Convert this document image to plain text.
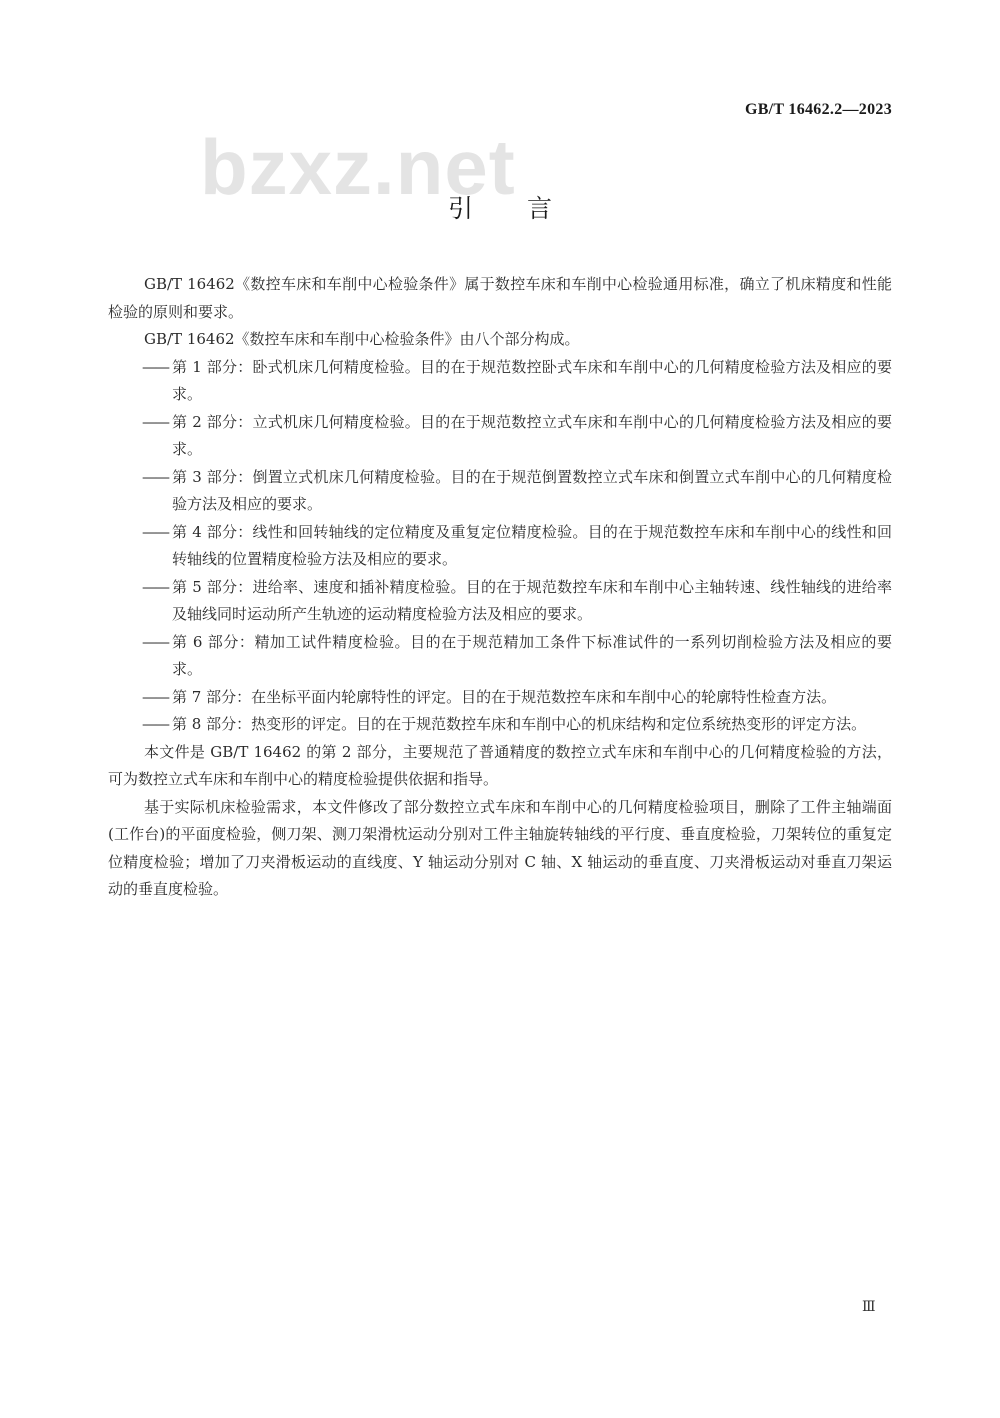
GB/T 16462.2—2023
bzxz.net
引言

GB/T 16462《数控车床和车削中心检验条件》属于数控车床和车削中心检验通用标准，确立了机床精度和性能检验的原则和要求。

GB/T 16462《数控车床和车削中心检验条件》由八个部分构成。

—— 第 1 部分：卧式机床几何精度检验。目的在于规范数控卧式车床和车削中心的几何精度检验方法及相应的要求。

—— 第 2 部分：立式机床几何精度检验。目的在于规范数控立式车床和车削中心的几何精度检验方法及相应的要求。

—— 第 3 部分：倒置立式机床几何精度检验。目的在于规范倒置数控立式车床和倒置立式车削中心的几何精度检验方法及相应的要求。

—— 第 4 部分：线性和回转轴线的定位精度及重复定位精度检验。目的在于规范数控车床和车削中心的线性和回转轴线的位置精度检验方法及相应的要求。

—— 第 5 部分：进给率、速度和插补精度检验。目的在于规范数控车床和车削中心主轴转速、线性轴线的进给率及轴线同时运动所产生轨迹的运动精度检验方法及相应的要求。

—— 第 6 部分：精加工试件精度检验。目的在于规范精加工条件下标准试件的一系列切削检验方法及相应的要求。

—— 第 7 部分：在坐标平面内轮廓特性的评定。目的在于规范数控车床和车削中心的轮廓特性检查方法。

—— 第 8 部分：热变形的评定。目的在于规范数控车床和车削中心的机床结构和定位系统热变形的评定方法。

本文件是 GB/T 16462 的第 2 部分，主要规范了普通精度的数控立式车床和车削中心的几何精度检验的方法，可为数控立式车床和车削中心的精度检验提供依据和指导。

基于实际机床检验需求，本文件修改了部分数控立式车床和车削中心的几何精度检验项目，删除了工件主轴端面(工作台)的平面度检验，侧刀架、测刀架滑枕运动分别对工件主轴旋转轴线的平行度、垂直度检验，刀架转位的重复定位精度检验；增加了刀夹滑板运动的直线度、Y 轴运动分别对 C 轴、X 轴运动的垂直度、刀夹滑板运动对垂直刀架运动的垂直度检验。

Ⅲ
